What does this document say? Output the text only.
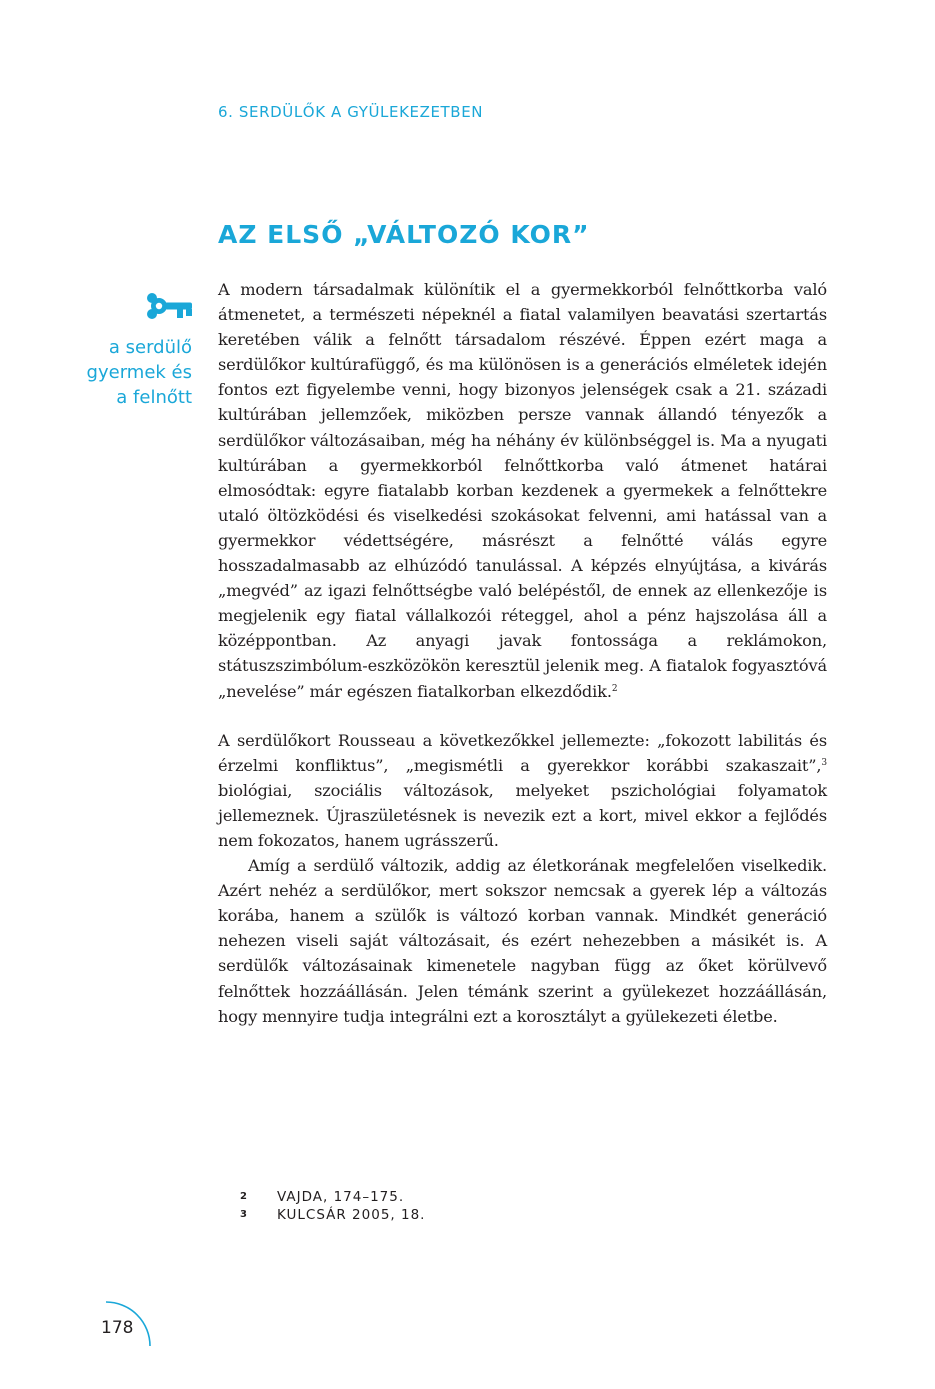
6. SERDÜLŐK A GYÜLEKEZETBEN
AZ ELSŐ „VÁLTOZÓ KOR”
a serdülő
gyermek és
a felnőtt

A modern társadalmak különítik el a gyermekkorból felnőttkorba való átmenetet, a természeti népeknél a fiatal valamilyen beavatási szertartás keretében válik a felnőtt társadalom részévé. Éppen ezért maga a serdülőkor kultúrafüggő, és ma különösen is a generációs elméletek idején fontos ezt figyelembe venni, hogy bizonyos jelenségek csak a 21. századi kultúrában jellemzőek, miközben persze vannak állandó tényezők a serdülőkor változásaiban, még ha néhány év különbséggel is. Ma a nyugati kultúrában a gyermekkorból felnőttkorba való átmenet határai elmosódtak: egyre fiatalabb korban kezdenek a gyermekek a felnőttekre utaló öltözködési és viselkedési szokásokat felvenni, ami hatással van a gyermekkor védettségére, másrészt a felnőtté válás egyre hosszadalmasabb az elhúzódó tanulással. A képzés elnyújtása, a kivárás „megvéd” az igazi felnőttségbe való belépéstől, de ennek az ellenkezője is megjelenik egy fiatal vállalkozói réteggel, ahol a pénz hajszolása áll a középpontban. Az anyagi javak fontossága a reklámokon, státuszszimbólum-eszközökön keresztül jelenik meg. A fiatalok fogyasztóvá „nevelése” már egészen fiatalkorban elkezdődik.$^2$

A serdülőkort Rousseau a következőkkel jellemezte: „fokozott labilitás és érzelmi konfliktus”, „megismétli a gyerekkor korábbi szakaszait”,$^3$ biológiai, szociális változások, melyeket pszichológiai folyamatok jellemeznek. Újraszületésnek is nevezik ezt a kort, mivel ekkor a fejlődés nem fokozatos, hanem ugrásszerű.

Amíg a serdülő változik, addig az életkorának megfelelően viselkedik. Azért nehéz a serdülőkor, mert sokszor nemcsak a gyerek lép a változás korába, hanem a szülők is változó korban vannak. Mindkét generáció nehezen viseli saját változásait, és ezért nehezebben a másikét is. A serdülők változásainak kimenetele nagyban függ az őket körülvevő felnőttek hozzáállásán. Jelen témánk szerint a gyülekezet hozzáállásán, hogy mennyire tudja integrálni ezt a korosztályt a gyülekezeti életbe.

2	VAJDA, 174–175.
3	KULCSÁR 2005, 18.
178
